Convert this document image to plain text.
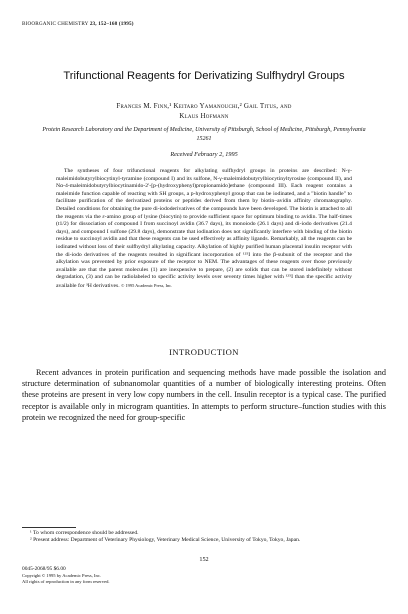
BIOORGANIC CHEMISTRY 23, 152–168 (1995)
Trifunctional Reagents for Derivatizing Sulfhydryl Groups
Frances M. Finn,¹ Keitaro Yamanouchi,² Gail Titus, and
Klaus Hofmann
Protein Research Laboratory and the Department of Medicine, University of Pittsburgh, School of Medicine, Pittsburgh, Pennsylvania 15261
Received February 2, 1995
The syntheses of four trifunctional reagents for alkylating sulfhydryl groups in proteins are described: N-γ-maleimidobutyrylbiocytinyl-tyramine (compound I) and its sulfone, N-γ-maleimidobutyrylbiocytinyltyrosine (compound II), and Nα-4-maleimidobutyrylbiocytinamido-2′-[p-(hydroxyphenyl)propionamido]ethane (compound III). Each reagent contains a maleimide function capable of reacting with SH groups, a p-hydroxyphenyl group that can be iodinated, and a "biotin handle" to facilitate purification of the derivatized proteins or peptides derived from them by biotin–avidin affinity chromatography. Detailed conditions for obtaining the pure di-iododerivatives of the compounds have been developed. The biotin is attached to all the reagents via the ε-amino group of lysine (biocytin) to provide sufficient space for optimum binding to avidin. The half-times (t1/2) for dissociation of compound I from succinoyl avidin (36.7 days), its monoiodo (26.1 days) and di-iodo derivatives (21.4 days), and compound I sulfone (29.8 days), demonstrate that iodination does not significantly interfere with binding of the biotin residue to succinoyl avidin and that these reagents can be used effectively as affinity ligands. Remarkably, all the reagents can be iodinated without loss of their sulfhydryl alkylating capacity. Alkylation of highly purified human placental insulin receptor with the di-iodo derivatives of the reagents resulted in significant incorporation of ¹²⁵I into the β-subunit of the receptor and the alkylation was prevented by prior exposure of the receptor to NEM. The advantages of these reagents over those previously available are that the parent molecules (1) are inexpensive to prepare, (2) are solids that can be stored indefinitely without degradation, (3) and can be radiolabeled to specific activity levels over seventy times higher with ¹²⁵I than the specific activity available for ³H derivatives. © 1995 Academic Press, Inc.
INTRODUCTION
Recent advances in protein purification and sequencing methods have made possible the isolation and structure determination of subnanomolar quantities of a number of biologically interesting proteins. Often these proteins are present in very low copy numbers in the cell. Insulin receptor is a typical case. The purified receptor is available only in microgram quantities. In attempts to perform structure–function studies with this protein we recognized the need for group-specific

¹ To whom correspondence should be addressed.

² Present address: Department of Veterinary Physiology, Veterinary Medical Science, University of Tokyo, Tokyo, Japan.

152
0045-2068/95 $6.00
Copyright © 1995 by Academic Press, Inc.
All rights of reproduction in any form reserved.
